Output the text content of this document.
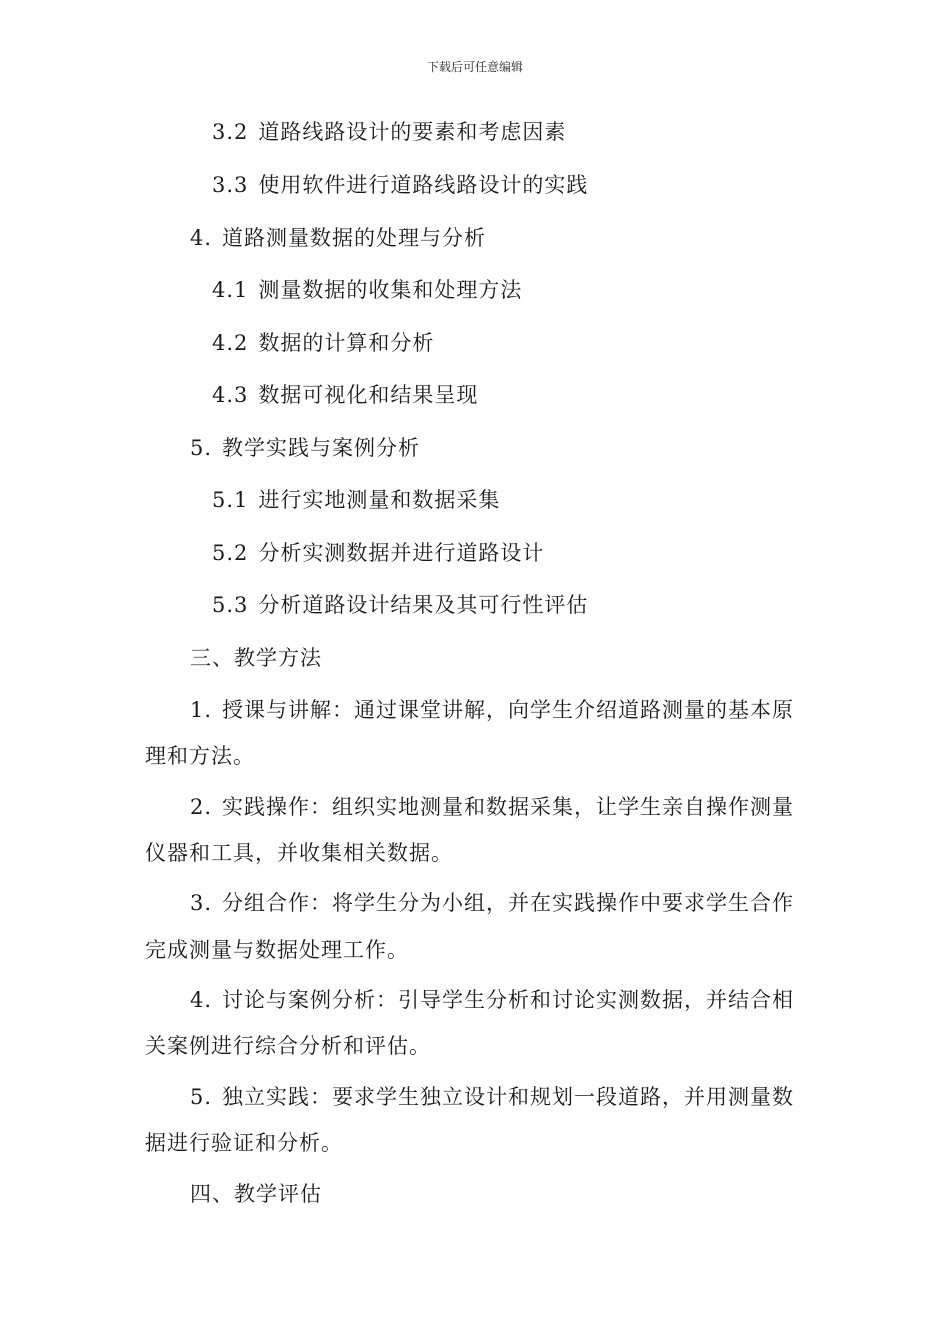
下载后可任意编辑
3.2 道路线路设计的要素和考虑因素
3.3 使用软件进行道路线路设计的实践
4. 道路测量数据的处理与分析
4.1 测量数据的收集和处理方法
4.2 数据的计算和分析
4.3 数据可视化和结果呈现
5. 教学实践与案例分析
5.1 进行实地测量和数据采集
5.2 分析实测数据并进行道路设计
5.3 分析道路设计结果及其可行性评估
三、教学方法
1. 授课与讲解：通过课堂讲解，向学生介绍道路测量的基本原
理和方法。
2. 实践操作：组织实地测量和数据采集，让学生亲自操作测量
仪器和工具，并收集相关数据。
3. 分组合作：将学生分为小组，并在实践操作中要求学生合作
完成测量与数据处理工作。
4. 讨论与案例分析：引导学生分析和讨论实测数据，并结合相
关案例进行综合分析和评估。
5. 独立实践：要求学生独立设计和规划一段道路，并用测量数
据进行验证和分析。
四、教学评估
